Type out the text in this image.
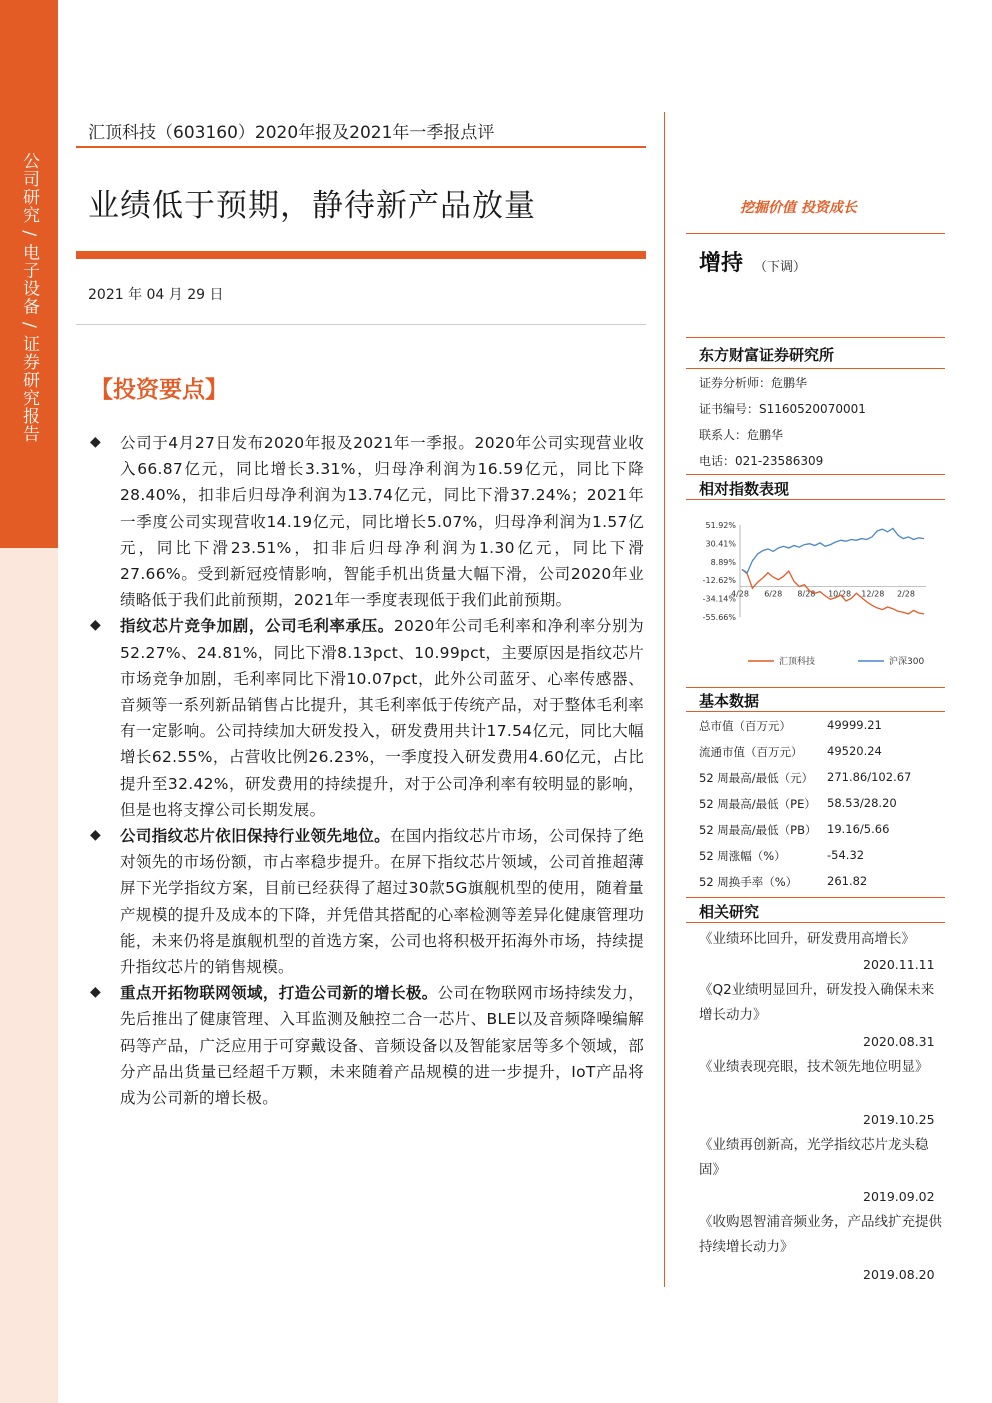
公司研究 / 电子设备 / 证券研究报告
汇顶科技（603160）2020年报及2021年一季报点评
业绩低于预期，静待新产品放量
2021 年 04 月 29 日
【投资要点】
◆ 公司于4月27日发布2020年报及2021年一季报。2020年公司实现营业收入66.87亿元，同比增长3.31%，归母净利润为16.59亿元，同比下降28.40%，扣非后归母净利润为13.74亿元，同比下滑37.24%；2021年一季度公司实现营收14.19亿元，同比增长5.07%，归母净利润为1.57亿元，同比下滑23.51%，扣非后归母净利润为1.30亿元，同比下滑27.66%。受到新冠疫情影响，智能手机出货量大幅下滑，公司2020年业绩略低于我们此前预期，2021年一季度表现低于我们此前预期。

◆ 指纹芯片竞争加剧，公司毛利率承压。2020年公司毛利率和净利率分别为52.27%、24.81%，同比下滑8.13pct、10.99pct，主要原因是指纹芯片市场竞争加剧，毛利率同比下滑10.07pct，此外公司蓝牙、心率传感器、音频等一系列新品销售占比提升，其毛利率低于传统产品，对于整体毛利率有一定影响。公司持续加大研发投入，研发费用共计17.54亿元，同比大幅增长62.55%，占营收比例26.23%，一季度投入研发费用4.60亿元，占比提升至32.42%，研发费用的持续提升，对于公司净利率有较明显的影响，但是也将支撑公司长期发展。

◆ 公司指纹芯片依旧保持行业领先地位。在国内指纹芯片市场，公司保持了绝对领先的市场份额，市占率稳步提升。在屏下指纹芯片领域，公司首推超薄屏下光学指纹方案，目前已经获得了超过30款5G旗舰机型的使用，随着量产规模的提升及成本的下降，并凭借其搭配的心率检测等差异化健康管理功能，未来仍将是旗舰机型的首选方案，公司也将积极开拓海外市场，持续提升指纹芯片的销售规模。

◆ 重点开拓物联网领域，打造公司新的增长极。公司在物联网市场持续发力，先后推出了健康管理、入耳监测及触控二合一芯片、BLE以及音频降噪编解码等产品，广泛应用于可穿戴设备、音频设备以及智能家居等多个领域，部分产品出货量已经超千万颗，未来随着产品规模的进一步提升，IoT产品将成为公司新的增长极。

挖掘价值 投资成长
增持 （下调）
东方财富证券研究所
证券分析师：危鹏华
证书编号：S1160520070001
联系人：危鹏华
电话：021-23586309
相对指数表现
51.92%
30.41%
8.89%
-12.62%
-34.14%
-55.66%
4/28 6/28 8/28 10/28 12/28 2/28
汇顶科技	沪深300
基本数据
总市值（百万元）	49999.21
流通市值（百万元） 49520.24
52 周最高/最低（元） 271.86/102.67
52 周最高/最低（PE） 58.53/28.20
52 周最高/最低（PB） 19.16/5.66
52 周涨幅（%）	-54.32
52 周换手率（%）	261.82
相关研究
《业绩环比回升，研发费用高增长》
2020.11.11
《Q2业绩明显回升，研发投入确保未来增长动力》
2020.08.31
《业绩表现亮眼，技术领先地位明显》
2019.10.25
《业绩再创新高，光学指纹芯片龙头稳固》
2019.09.02
《收购恩智浦音频业务，产品线扩充提供持续增长动力》
2019.08.20
